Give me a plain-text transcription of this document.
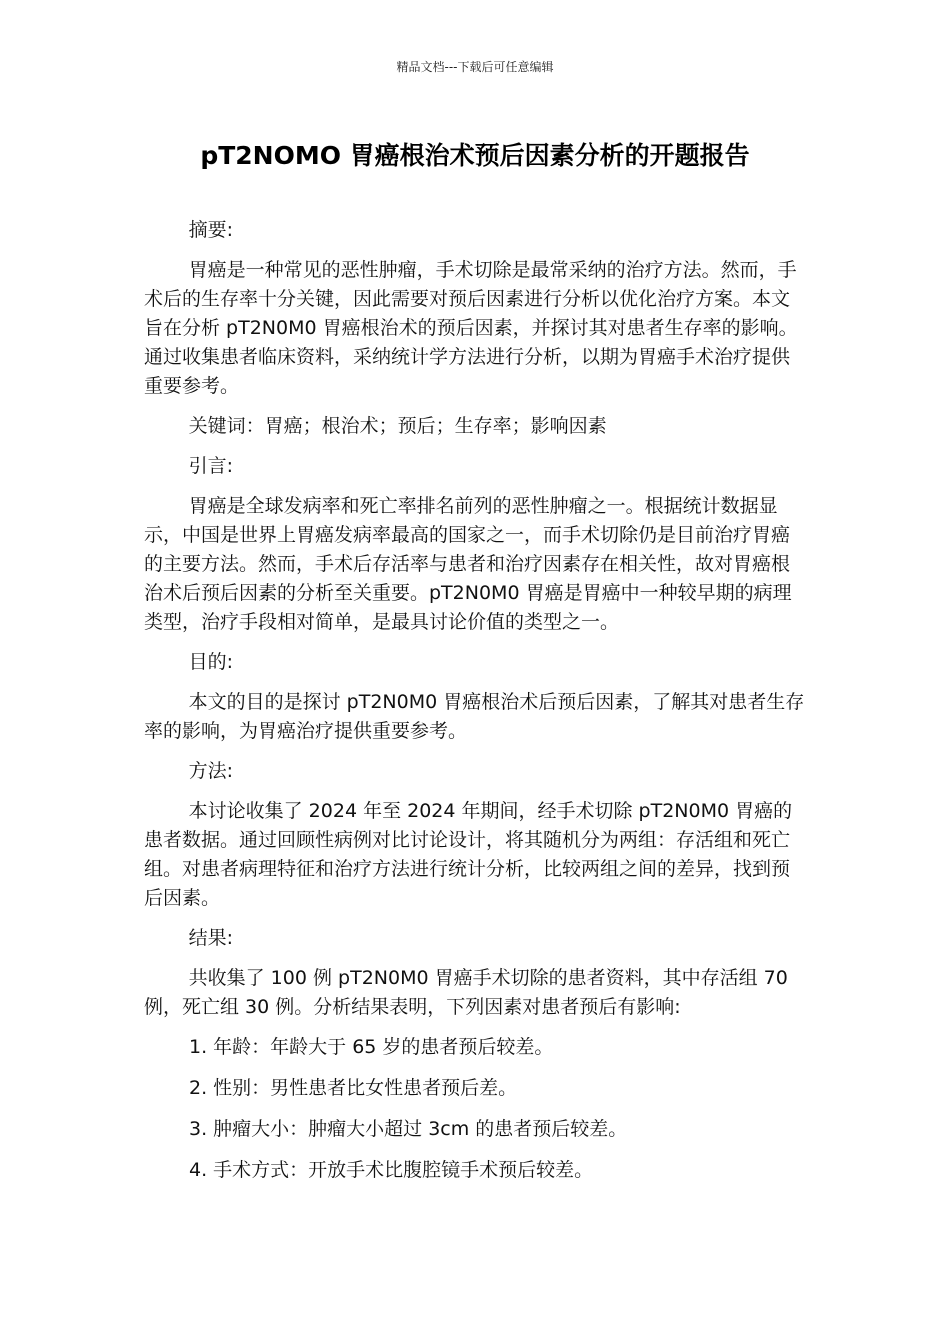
精品文档---下载后可任意编辑
pT2NOMO 胃癌根治术预后因素分析的开题报告

摘要:

胃癌是一种常见的恶性肿瘤，手术切除是最常采纳的治疗方法。然而，手术后的生存率十分关键，因此需要对预后因素进行分析以优化治疗方案。本文旨在分析 pT2N0M0 胃癌根治术的预后因素，并探讨其对患者生存率的影响。通过收集患者临床资料，采纳统计学方法进行分析，以期为胃癌手术治疗提供重要参考。

关键词：胃癌；根治术；预后；生存率；影响因素

引言:

胃癌是全球发病率和死亡率排名前列的恶性肿瘤之一。根据统计数据显示，中国是世界上胃癌发病率最高的国家之一，而手术切除仍是目前治疗胃癌的主要方法。然而，手术后存活率与患者和治疗因素存在相关性，故对胃癌根治术后预后因素的分析至关重要。pT2N0M0 胃癌是胃癌中一种较早期的病理类型，治疗手段相对简单，是最具讨论价值的类型之一。

目的:

本文的目的是探讨 pT2N0M0 胃癌根治术后预后因素，了解其对患者生存率的影响，为胃癌治疗提供重要参考。

方法:

本讨论收集了 2024 年至 2024 年期间，经手术切除 pT2N0M0 胃癌的患者数据。通过回顾性病例对比讨论设计，将其随机分为两组：存活组和死亡组。对患者病理特征和治疗方法进行统计分析，比较两组之间的差异，找到预后因素。

结果:

共收集了 100 例 pT2N0M0 胃癌手术切除的患者资料，其中存活组 70 例，死亡组 30 例。分析结果表明，下列因素对患者预后有影响:

1. 年龄：年龄大于 65 岁的患者预后较差。

2. 性别：男性患者比女性患者预后差。

3. 肿瘤大小：肿瘤大小超过 3cm 的患者预后较差。

4. 手术方式：开放手术比腹腔镜手术预后较差。
